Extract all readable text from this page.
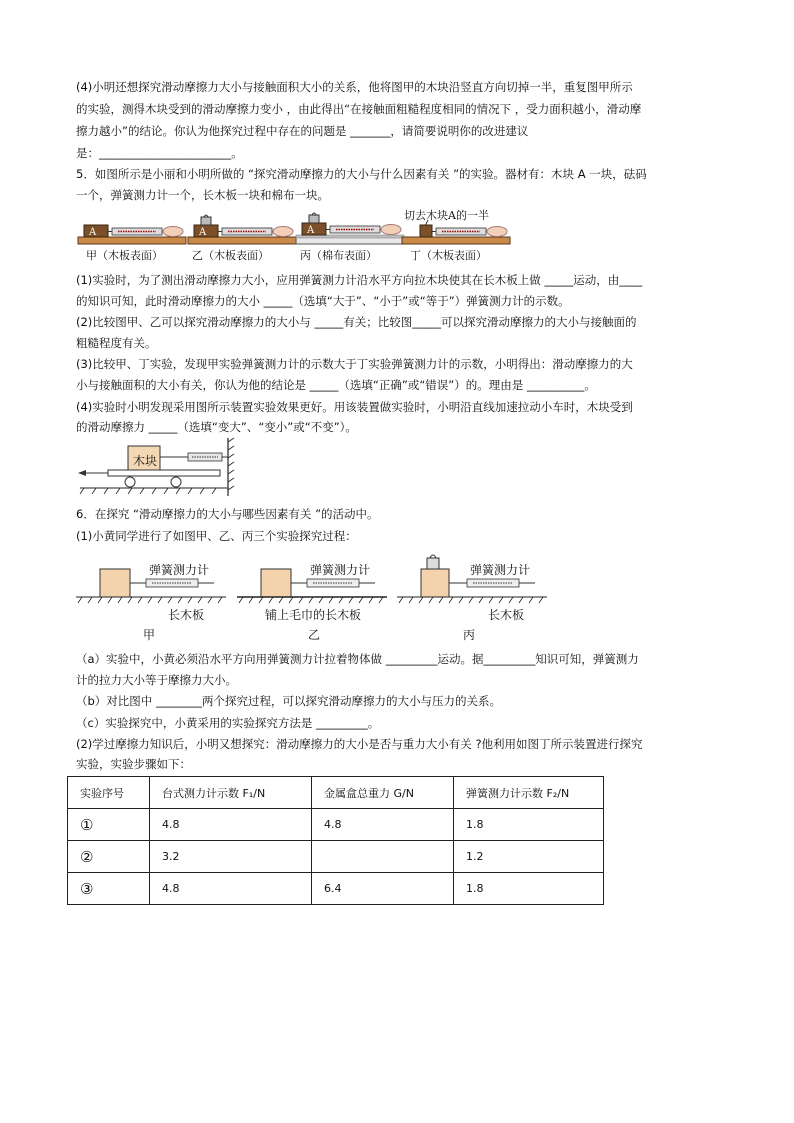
(4)小明还想探究滑动摩擦力大小与接触面积大小的关系，他将图甲的木块沿竖直方向切掉一半，重复图甲所示
的实验，测得木块受到的滑动摩擦力变小 ，由此得出“在接触面粗糙程度相同的情况下 ，受力面积越小，滑动摩
擦力越小”的结论。你认为他探究过程中存在的问题是 _______，请简要说明你的改进建议
是：_______________________。
5．如图所示是小丽和小明所做的 “探究滑动摩擦力的大小与什么因素有关 ”的实验。器材有：木块 A 一块，砝码
一个，弹簧测力计一个，长木板一块和棉布一块。
A
甲（木板表面）
A
乙（木板表面）
A
丙（棉布表面）
切去木块A的一半
丁（木板表面）
(1)实验时，为了测出滑动摩擦力大小，应用弹簧测力计沿水平方向拉木块使其在长木板上做 _____运动，由____
的知识可知，此时滑动摩擦力的大小 _____（选填“大于”、“小于”或“等于”）弹簧测力计的示数。
(2)比较图甲、乙可以探究滑动摩擦力的大小与 _____有关；比较图_____可以探究滑动摩擦力的大小与接触面的
粗糙程度有关。
(3)比较甲、丁实验，发现甲实验弹簧测力计的示数大于丁实验弹簧测力计的示数，小明得出：滑动摩擦力的大
小与接触面积的大小有关，你认为他的结论是 _____（选填“正确”或“错误”）的。理由是 __________。
(4)实验时小明发现采用图所示装置实验效果更好。用该装置做实验时，小明沿直线加速拉动小车时，木块受到
的滑动摩擦力 _____（选填“变大”、“变小”或“不变”）。
木块
6．在探究 “滑动摩擦力的大小与哪些因素有关 ”的活动中。
(1)小黄同学进行了如图甲、乙、丙三个实验探究过程：
弹簧测力计
长木板
甲
弹簧测力计
铺上毛巾的长木板
乙
弹簧测力计
长木板
丙
（a）实验中，小黄必须沿水平方向用弹簧测力计拉着物体做 _________运动。据_________知识可知，弹簧测力
计的拉力大小等于摩擦力大小。
（b）对比图中 ________两个探究过程，可以探究滑动摩擦力的大小与压力的关系。
（c）实验探究中，小黄采用的实验探究方法是 _________。
(2)学过摩擦力知识后，小明又想探究：滑动摩擦力的大小是否与重力大小有关 ?他利用如图丁所示装置进行探究
实验，实验步骤如下：
实验序号	台式测力计示数 F₁/N	金属盒总重力 G/N	弹簧测力计示数 F₂/N
①	4.8	4.8	1.8
②	3.2		1.2
③	4.8	6.4	1.8
